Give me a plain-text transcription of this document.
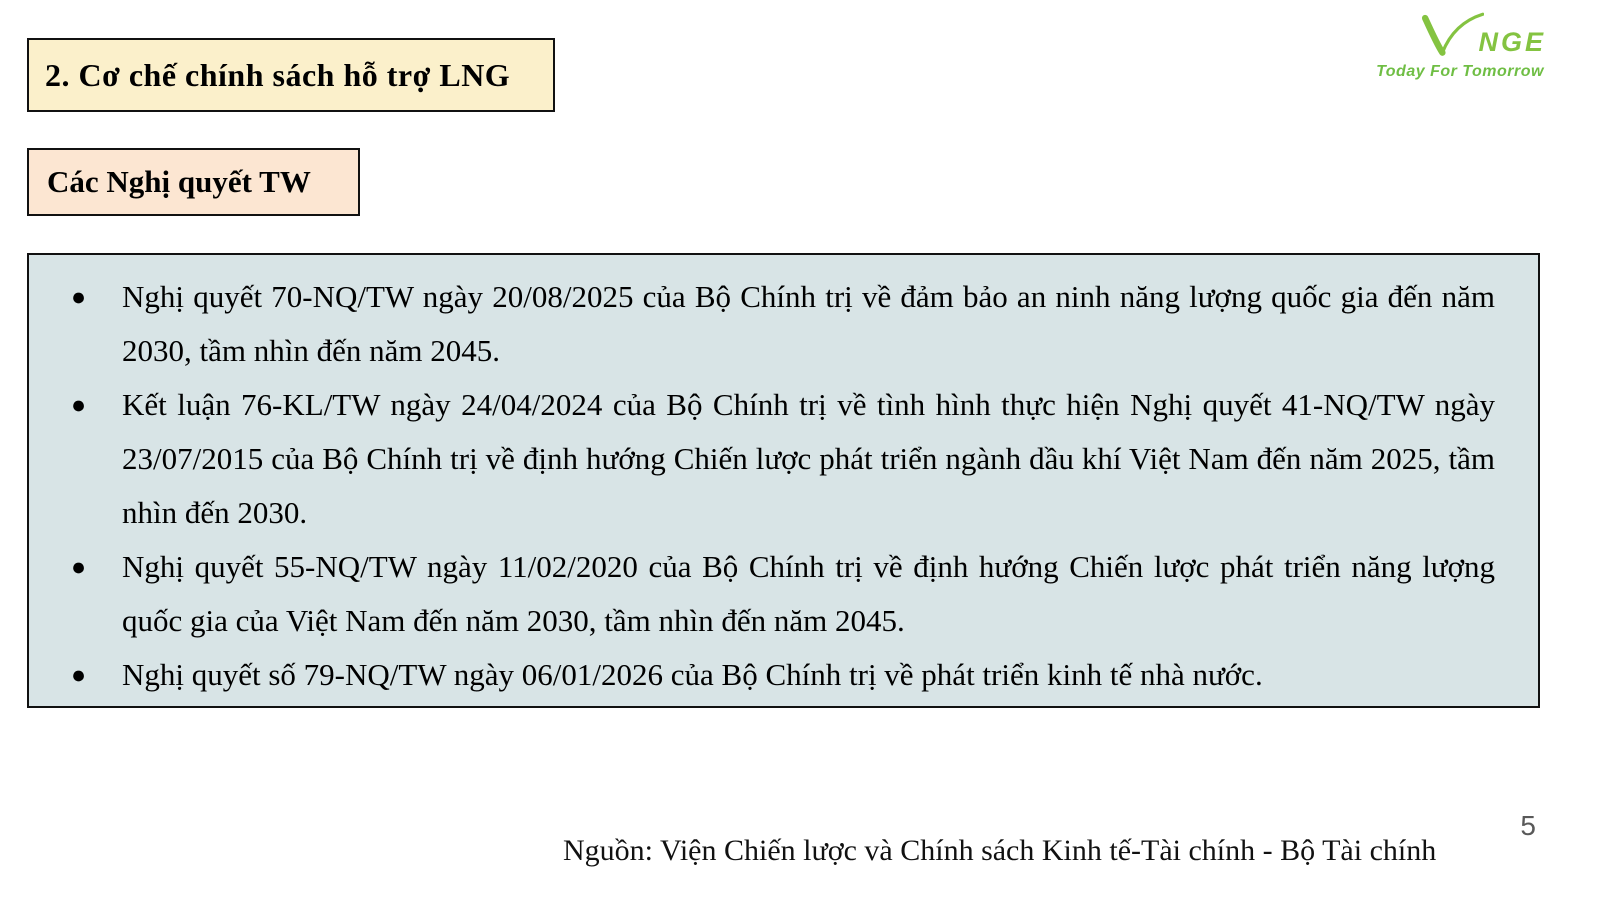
2. Cơ chế chính sách hỗ trợ LNG
Các Nghị quyết TW
● Nghị quyết 70-NQ/TW ngày 20/08/2025 của Bộ Chính trị về đảm bảo an ninh năng lượng quốc gia đến năm 2030, tầm nhìn đến năm 2045.
● Kết luận 76-KL/TW ngày 24/04/2024 của Bộ Chính trị về tình hình thực hiện Nghị quyết 41-NQ/TW ngày 23/07/2015 của Bộ Chính trị về định hướng Chiến lược phát triển ngành dầu khí Việt Nam đến năm 2025, tầm nhìn đến 2030.
● Nghị quyết 55-NQ/TW ngày 11/02/2020 của Bộ Chính trị về định hướng Chiến lược phát triển năng lượng quốc gia của Việt Nam đến năm 2030, tầm nhìn đến năm 2045.
● Nghị quyết số 79-NQ/TW ngày 06/01/2026 của Bộ Chính trị về phát triển kinh tế nhà nước.
NGE
Today For Tomorrow
5
Nguồn: Viện Chiến lược và Chính sách Kinh tế-Tài chính - Bộ Tài chính
